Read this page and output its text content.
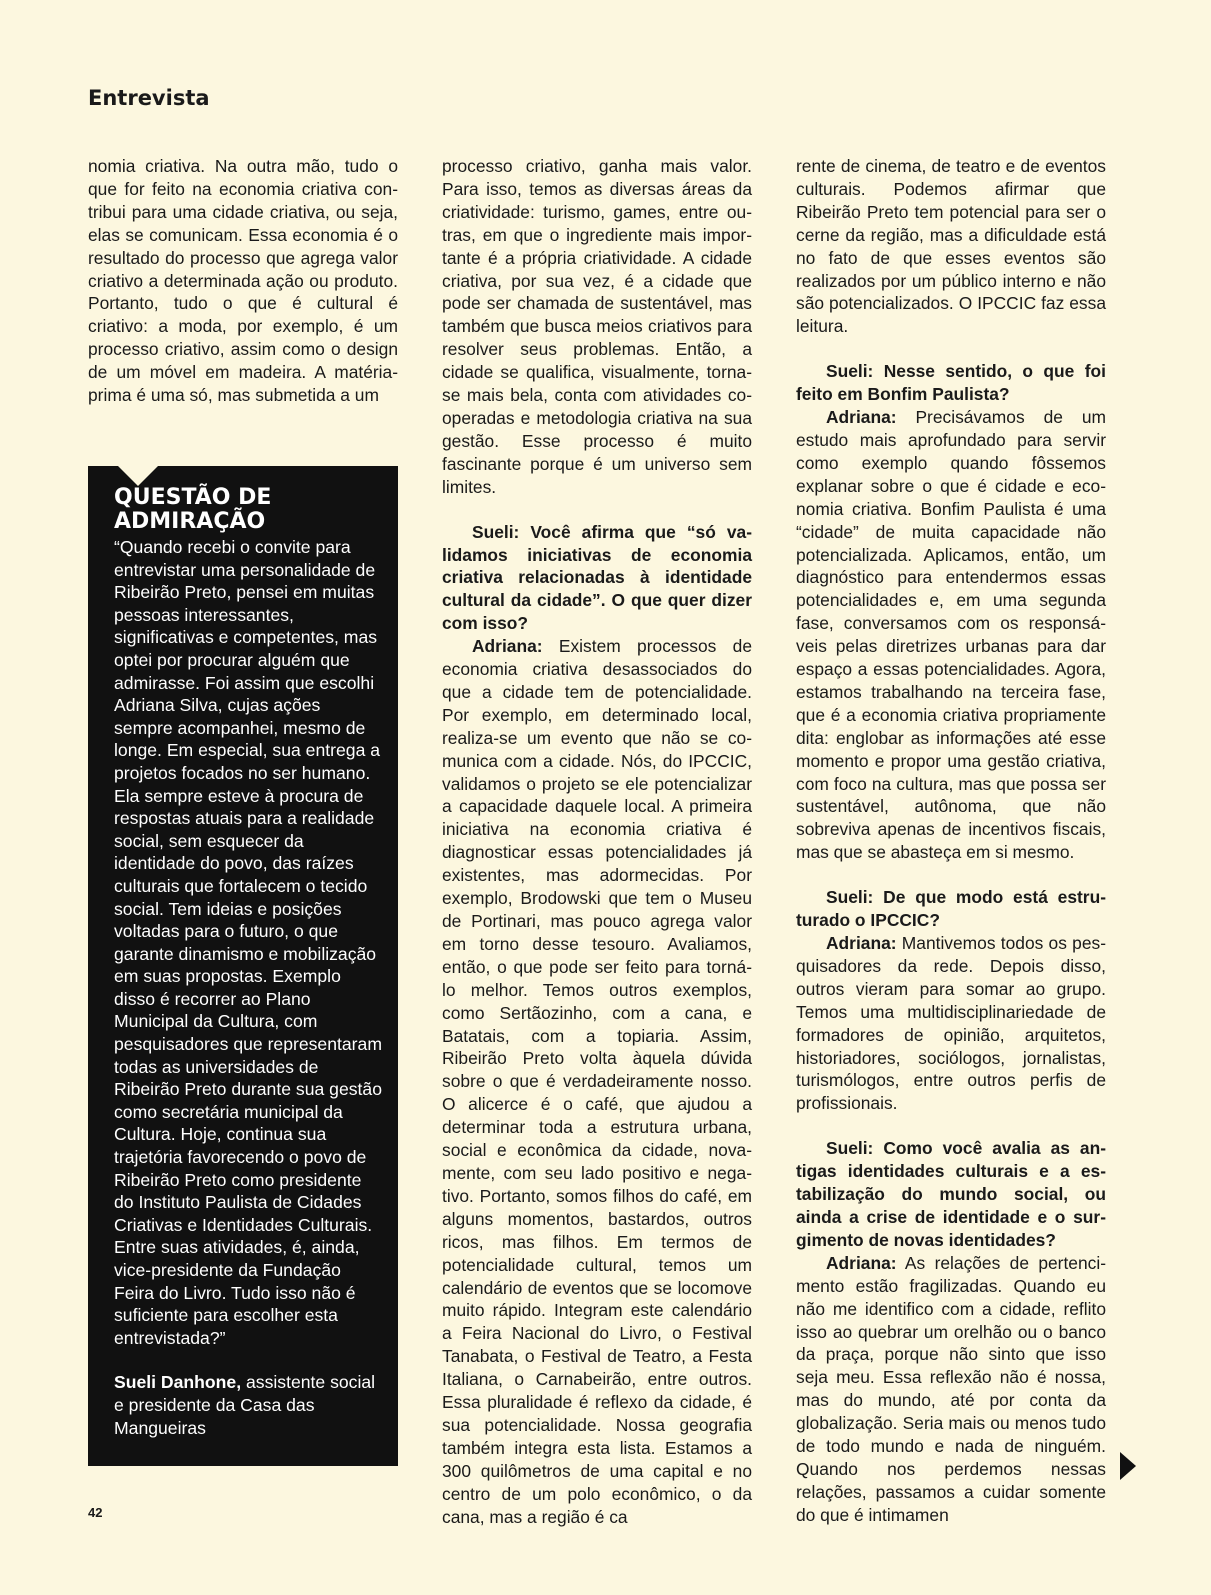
Entrevista

nomia criativa. Na outra mão, tudo o que for feito na economia criativa contribui para uma cidade criativa, ou seja, elas se comunicam. Essa economia é o resultado do processo que agrega valor criativo a determinada ação ou produto. Portanto, tudo o que é cultural é criativo: a moda, por exemplo, é um processo criativo, assim como o design de um móvel em madeira. A matéria-prima é uma só, mas submetida a um

QUESTÃO DE ADMIRAÇÃO

“Quando recebi o convite para entrevistar uma personalidade de Ribeirão Preto, pensei em muitas pessoas interessantes, significativas e competentes, mas optei por procurar alguém que admirasse. Foi assim que escolhi Adriana Silva, cujas ações sempre acompanhei, mesmo de longe. Em especial, sua entrega a projetos focados no ser humano. Ela sempre esteve à procura de respostas atuais para a realidade social, sem esquecer da identidade do povo, das raízes culturais que fortalecem o tecido social. Tem ideias e posições voltadas para o futuro, o que garante dinamismo e mobilização em suas propostas. Exemplo disso é recorrer ao Plano Municipal da Cultura, com pesquisadores que representaram todas as universidades de Ribeirão Preto durante sua gestão como secretária municipal da Cultura. Hoje, continua sua trajetória favorecendo o povo de Ribeirão Preto como presidente do Instituto Paulista de Cidades Criativas e Identidades Culturais. Entre suas atividades, é, ainda, vice-presidente da Fundação Feira do Livro. Tudo isso não é suficiente para escolher esta entrevistada?”

Sueli Danhone, assistente social e presidente da Casa das Mangueiras

processo criativo, ganha mais valor. Para isso, temos as diversas áreas da criatividade: turismo, games, entre outras, em que o ingrediente mais importante é a própria criatividade. A cidade criativa, por sua vez, é a cidade que pode ser chamada de sustentável, mas também que busca meios criativos para resolver seus problemas. Então, a cidade se qualifica, visualmente, torna-se mais bela, conta com atividades cooperadas e metodologia criativa na sua gestão. Esse processo é muito fascinante porque é um universo sem limites.

Sueli: Você afirma que “só validamos iniciativas de economia criativa relacionadas à identidade cultural da cidade”. O que quer dizer com isso?

Adriana: Existem processos de economia criativa desassociados do que a cidade tem de potencialidade. Por exemplo, em determinado local, realiza-se um evento que não se comunica com a cidade. Nós, do IPCCIC, validamos o projeto se ele potencializar a capacidade daquele local. A primeira iniciativa na economia criativa é diagnosticar essas potencialidades já existentes, mas adormecidas. Por exemplo, Brodowski que tem o Museu de Portinari, mas pouco agrega valor em torno desse tesouro. Avaliamos, então, o que pode ser feito para torná-lo melhor. Temos outros exemplos, como Sertãozinho, com a cana, e Batatais, com a topiaria. Assim, Ribeirão Preto volta àquela dúvida sobre o que é verdadeiramente nosso. O alicerce é o café, que ajudou a determinar toda a estrutura urbana, social e econômica da cidade, novamente, com seu lado positivo e negativo. Portanto, somos filhos do café, em alguns momentos, bastardos, outros ricos, mas filhos. Em termos de potencialidade cultural, temos um calendário de eventos que se locomove muito rápido. Integram este calendário a Feira Nacional do Livro, o Festival Tanabata, o Festival de Teatro, a Festa Italiana, o Carnabeirão, entre outros. Essa pluralidade é reflexo da cidade, é sua potencialidade. Nossa geografia também integra esta lista. Estamos a 300 quilômetros de uma capital e no centro de um polo econômico, o da cana, mas a região é ca

rente de cinema, de teatro e de eventos culturais. Podemos afirmar que Ribeirão Preto tem potencial para ser o cerne da região, mas a dificuldade está no fato de que esses eventos são realizados por um público interno e não são potencializados. O IPCCIC faz essa leitura.

Sueli: Nesse sentido, o que foi feito em Bonfim Paulista?

Adriana: Precisávamos de um estudo mais aprofundado para servir como exemplo quando fôssemos explanar sobre o que é cidade e economia criativa. Bonfim Paulista é uma “cidade” de muita capacidade não potencializada. Aplicamos, então, um diagnóstico para entendermos essas potencialidades e, em uma segunda fase, conversamos com os responsáveis pelas diretrizes urbanas para dar espaço a essas potencialidades. Agora, estamos trabalhando na terceira fase, que é a economia criativa propriamente dita: englobar as informações até esse momento e propor uma gestão criativa, com foco na cultura, mas que possa ser sustentável, autônoma, que não sobreviva apenas de incentivos fiscais, mas que se abasteça em si mesmo.

Sueli: De que modo está estruturado o IPCCIC?

Adriana: Mantivemos todos os pesquisadores da rede. Depois disso, outros vieram para somar ao grupo. Temos uma multidisciplinariedade de formadores de opinião, arquitetos, historiadores, sociólogos, jornalistas, turismólogos, entre outros perfis de profissionais.

Sueli: Como você avalia as antigas identidades culturais e a estabilização do mundo social, ou ainda a crise de identidade e o surgimento de novas identidades?

Adriana: As relações de pertencimento estão fragilizadas. Quando eu não me identifico com a cidade, reflito isso ao quebrar um orelhão ou o banco da praça, porque não sinto que isso seja meu. Essa reflexão não é nossa, mas do mundo, até por conta da globalização. Seria mais ou menos tudo de todo mundo e nada de ninguém. Quando nos perdemos nessas relações, passamos a cuidar somente do que é intimamen

42
